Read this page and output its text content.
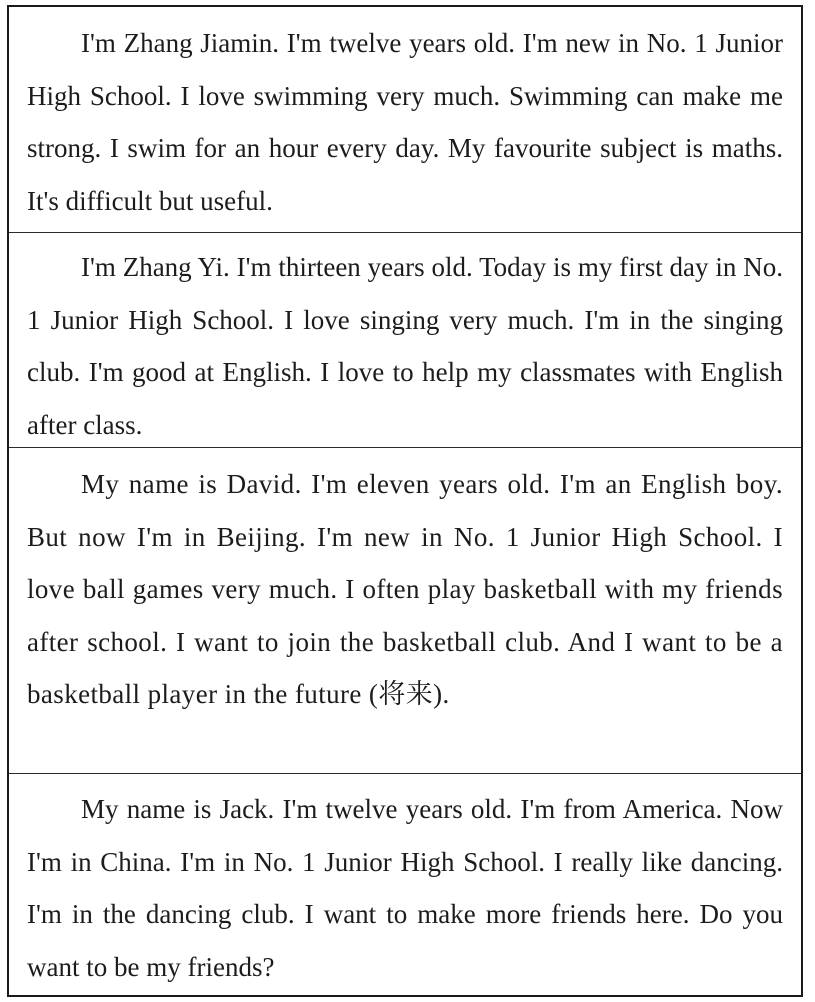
I'm Zhang Jiamin. I'm twelve years old. I'm new in No. 1 Junior High School. I love swimming very much. Swimming can make me strong. I swim for an hour every day. My favourite subject is maths. It's difficult but useful.

I'm Zhang Yi. I'm thirteen years old. Today is my first day in No. 1 Junior High School. I love singing very much. I'm in the singing club. I'm good at English. I love to help my classmates with English after class.

My name is David. I'm eleven years old. I'm an English boy. But now I'm in Beijing. I'm new in No. 1 Junior High School. I love ball games very much. I often play basketball with my friends after school. I want to join the basketball club. And I want to be a basketball player in the future (将来).

My name is Jack. I'm twelve years old. I'm from America. Now I'm in China. I'm in No. 1 Junior High School. I really like dancing. I'm in the dancing club. I want to make more friends here. Do you want to be my friends?
